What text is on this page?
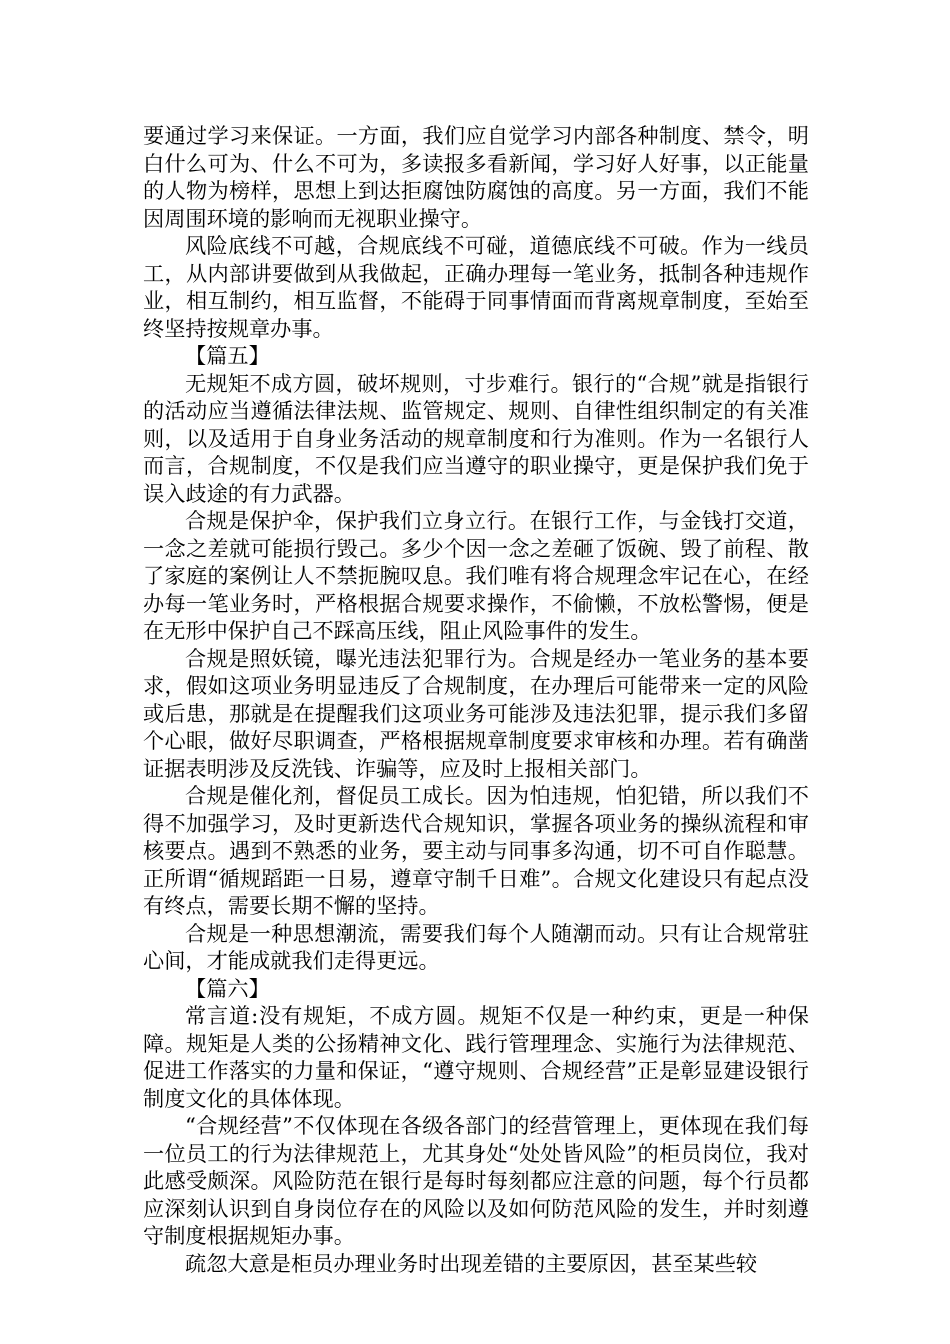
要通过学习来保证。一方面，我们应自觉学习内部各种制度、禁令，明白什么可为、什么不可为，多读报多看新闻，学习好人好事，以正能量的人物为榜样，思想上到达拒腐蚀防腐蚀的高度。另一方面，我们不能因周围环境的影响而无视职业操守。

风险底线不可越，合规底线不可碰，道德底线不可破。作为一线员工，从内部讲要做到从我做起，正确办理每一笔业务，抵制各种违规作业，相互制约，相互监督，不能碍于同事情面而背离规章制度，至始至终坚持按规章办事。

【篇五】

无规矩不成方圆，破坏规则，寸步难行。银行的“合规”就是指银行的活动应当遵循法律法规、监管规定、规则、自律性组织制定的有关准则，以及适用于自身业务活动的规章制度和行为准则。作为一名银行人而言，合规制度，不仅是我们应当遵守的职业操守，更是保护我们免于误入歧途的有力武器。

合规是保护伞，保护我们立身立行。在银行工作，与金钱打交道，一念之差就可能损行毁己。多少个因一念之差砸了饭碗、毁了前程、散了家庭的案例让人不禁扼腕叹息。我们唯有将合规理念牢记在心，在经办每一笔业务时，严格根据合规要求操作，不偷懒，不放松警惕，便是在无形中保护自己不踩高压线，阻止风险事件的发生。

合规是照妖镜，曝光违法犯罪行为。合规是经办一笔业务的基本要求，假如这项业务明显违反了合规制度，在办理后可能带来一定的风险或后患，那就是在提醒我们这项业务可能涉及违法犯罪，提示我们多留个心眼，做好尽职调查，严格根据规章制度要求审核和办理。若有确凿证据表明涉及反洗钱、诈骗等，应及时上报相关部门。

合规是催化剂，督促员工成长。因为怕违规，怕犯错，所以我们不得不加强学习，及时更新迭代合规知识，掌握各项业务的操纵流程和审核要点。遇到不熟悉的业务，要主动与同事多沟通，切不可自作聪慧。正所谓“循规蹈距一日易，遵章守制千日难”。合规文化建设只有起点没有终点，需要长期不懈的坚持。

合规是一种思想潮流，需要我们每个人随潮而动。只有让合规常驻心间，才能成就我们走得更远。

【篇六】

常言道:没有规矩，不成方圆。规矩不仅是一种约束，更是一种保障。规矩是人类的公扬精神文化、践行管理理念、实施行为法律规范、促进工作落实的力量和保证，“遵守规则、合规经营”正是彰显建设银行制度文化的具体体现。

“合规经营”不仅体现在各级各部门的经营管理上，更体现在我们每一位员工的行为法律规范上，尤其身处“处处皆风险”的柜员岗位，我对此感受颇深。风险防范在银行是每时每刻都应注意的问题，每个行员都应深刻认识到自身岗位存在的风险以及如何防范风险的发生，并时刻遵守制度根据规矩办事。

疏忽大意是柜员办理业务时出现差错的主要原因，甚至某些较
